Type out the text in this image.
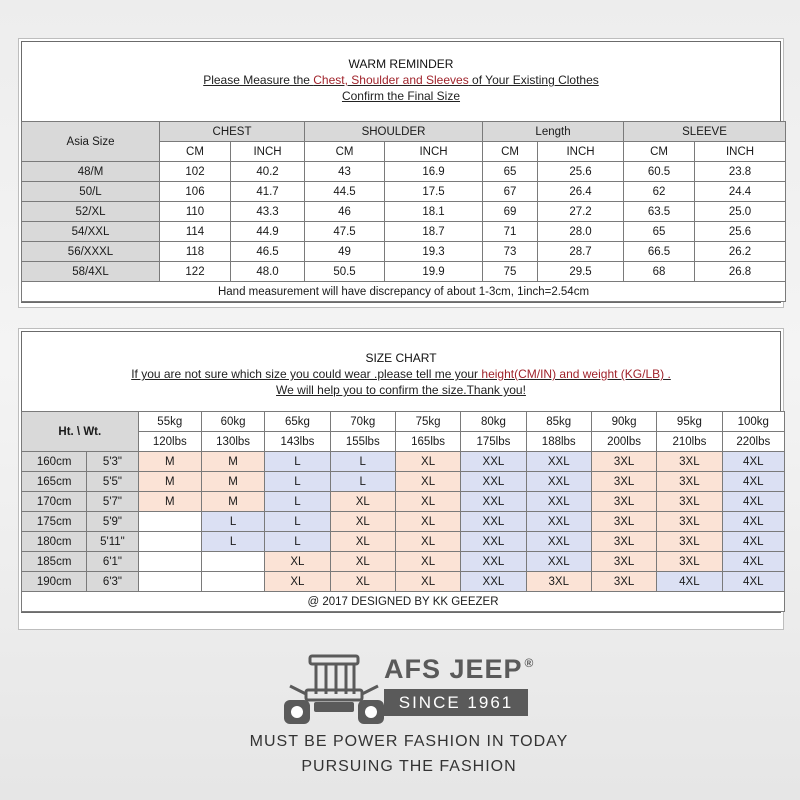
WARM REMINDER
Please Measure the Chest, Shoulder and Sleeves of Your Existing Clothes
Confirm the Final Size
Asia Size	CHEST		SHOULDER		Length		SLEEVE	
	CM	INCH	CM	INCH	CM	INCH	CM	INCH
48/M	102	40.2	43	16.9	65	25.6	60.5	23.8
50/L	106	41.7	44.5	17.5	67	26.4	62	24.4
52/XL	110	43.3	46	18.1	69	27.2	63.5	25.0
54/XXL	114	44.9	47.5	18.7	71	28.0	65	25.6
56/XXXL	118	46.5	49	19.3	73	28.7	66.5	26.2
58/4XL	122	48.0	50.5	19.9	75	29.5	68	26.8
Hand measurement will have discrepancy of about 1-3cm, 1inch=2.54cm								
SIZE CHART
If you are not sure which size you could wear .please tell me your height(CM/IN) and weight (KG/LB) .
We will help you to confirm the size.Thank you!
Ht. \ Wt.		55kg	60kg	65kg	70kg	75kg	80kg	85kg	90kg	95kg	100kg
		120lbs	130lbs	143lbs	155lbs	165lbs	175lbs	188lbs	200lbs	210lbs	220lbs
160cm	5'3"	M	M	L	L	XL	XXL	XXL	3XL	3XL	4XL
165cm	5'5"	M	M	L	L	XL	XXL	XXL	3XL	3XL	4XL
170cm	5'7"	M	M	L	XL	XL	XXL	XXL	3XL	3XL	4XL
175cm	5'9"		L	L	XL	XL	XXL	XXL	3XL	3XL	4XL
180cm	5'11"		L	L	XL	XL	XXL	XXL	3XL	3XL	4XL
185cm	6'1"			XL	XL	XL	XXL	XXL	3XL	3XL	4XL
190cm	6'3"			XL	XL	XL	XXL	3XL	3XL	4XL	4XL
@ 2017 DESIGNED BY KK GEEZER											
AFS JEEP ®
SINCE 1961
MUST BE POWER FASHION IN TODAY
PURSUING THE FASHION
